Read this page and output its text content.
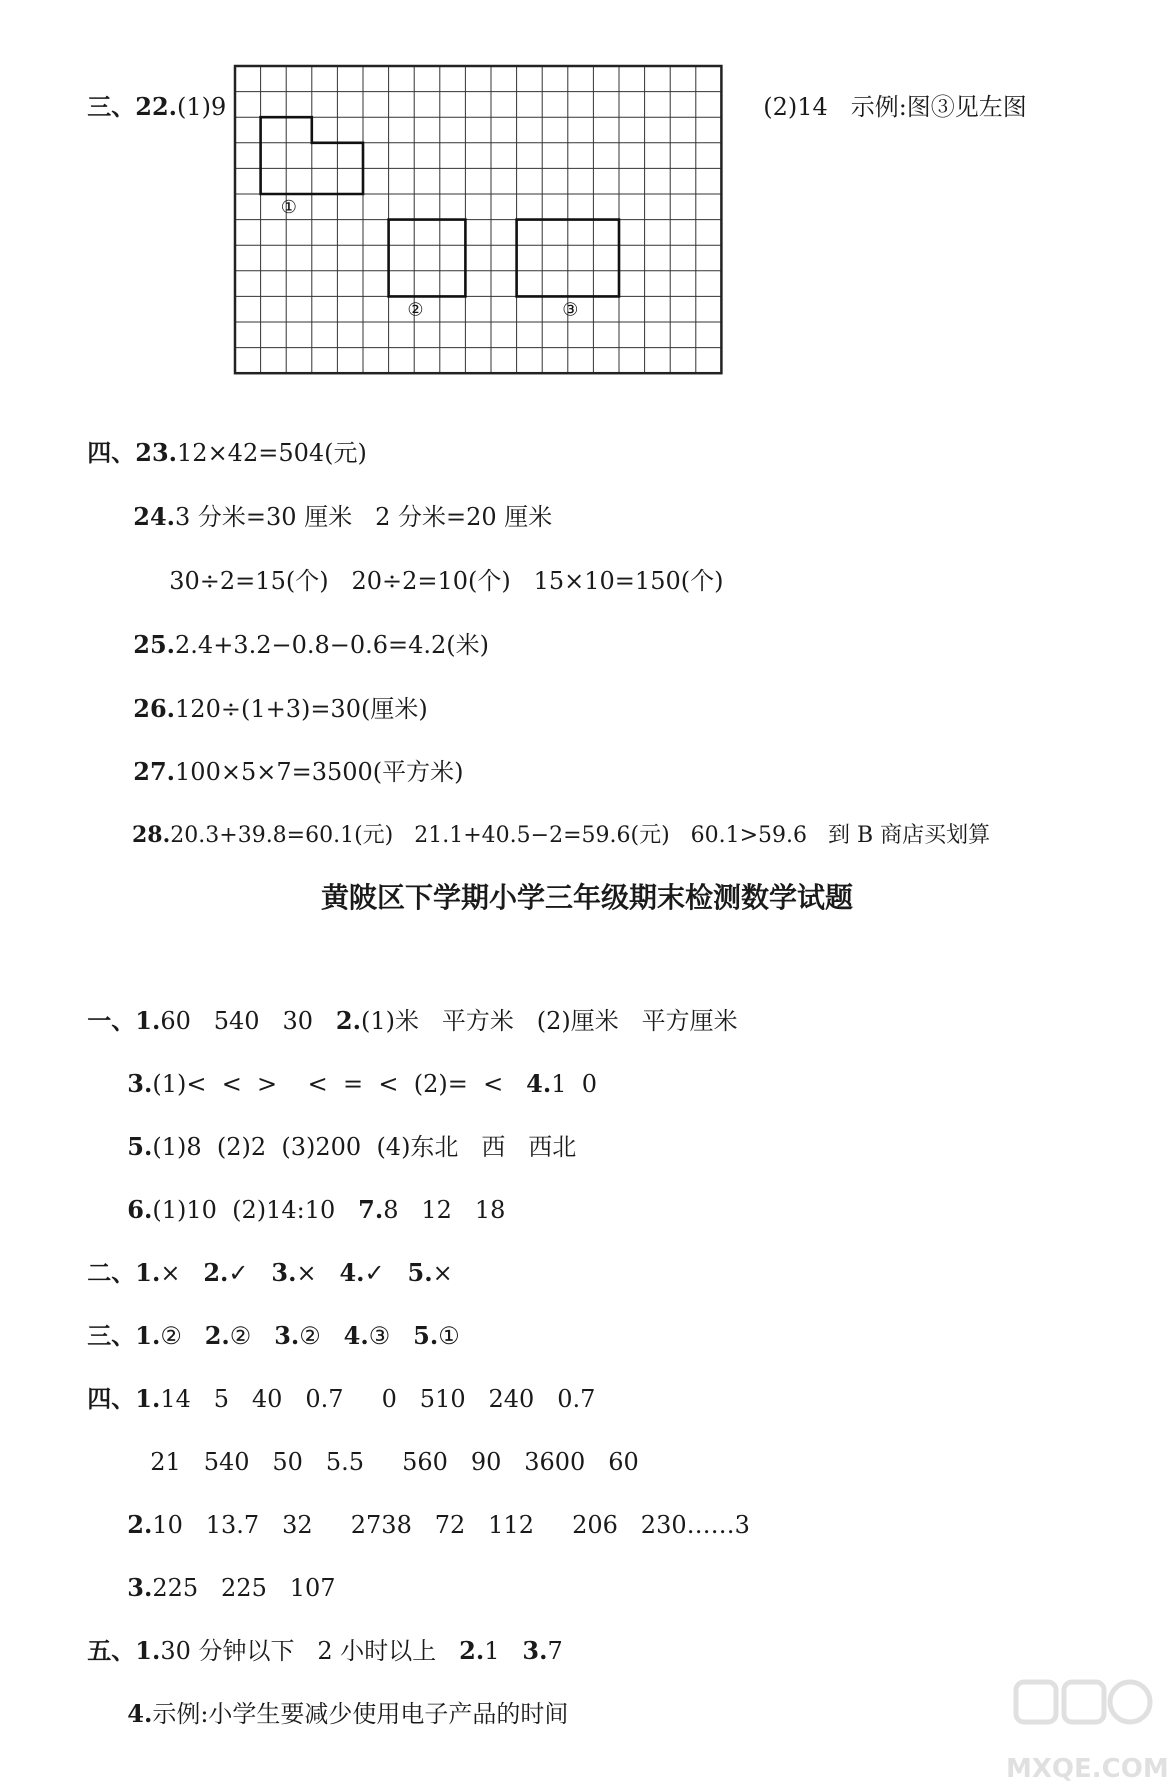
三、22.(1)9	(2)14 示例:图③见左图

①
②	③

四、23.12×42=504(元)

24.3 分米=30 厘米   2 分米=20 厘米

30÷2=15(个)   20÷2=10(个)   15×10=150(个)

25.2.4+3.2−0.8−0.6=4.2(米)

26.120÷(1+3)=30(厘米)

27.100×5×7=3500(平方米)

28.20.3+39.8=60.1(元)   21.1+40.5−2=59.6(元)   60.1>59.6   到 B 商店买划算

黄陂区下学期小学三年级期末检测数学试题

一、1.60   540   30 2.(1)米   平方米   (2)厘米   平方厘米

3.(1)<  <  >    <  =  <  (2)=  < 4.1  0

5.(1)8  (2)2  (3)200  (4)东北   西   西北

6.(1)10  (2)14:10 7.8   12   18

二、1.× 2.✓ 3.× 4.✓ 5.×

三、1.② 2.② 3.② 4.③ 5.①

四、1.14   5   40   0.7     0   510   240   0.7

21   540   50   5.5     560   90   3600   60

2.10   13.7   32     2738   72   112     206   230……3

3.225   225   107

五、1.30 分钟以下   2 小时以上 2.1 3.7

4.示例:小学生要减少使用电子产品的时间

MXQE.COM
